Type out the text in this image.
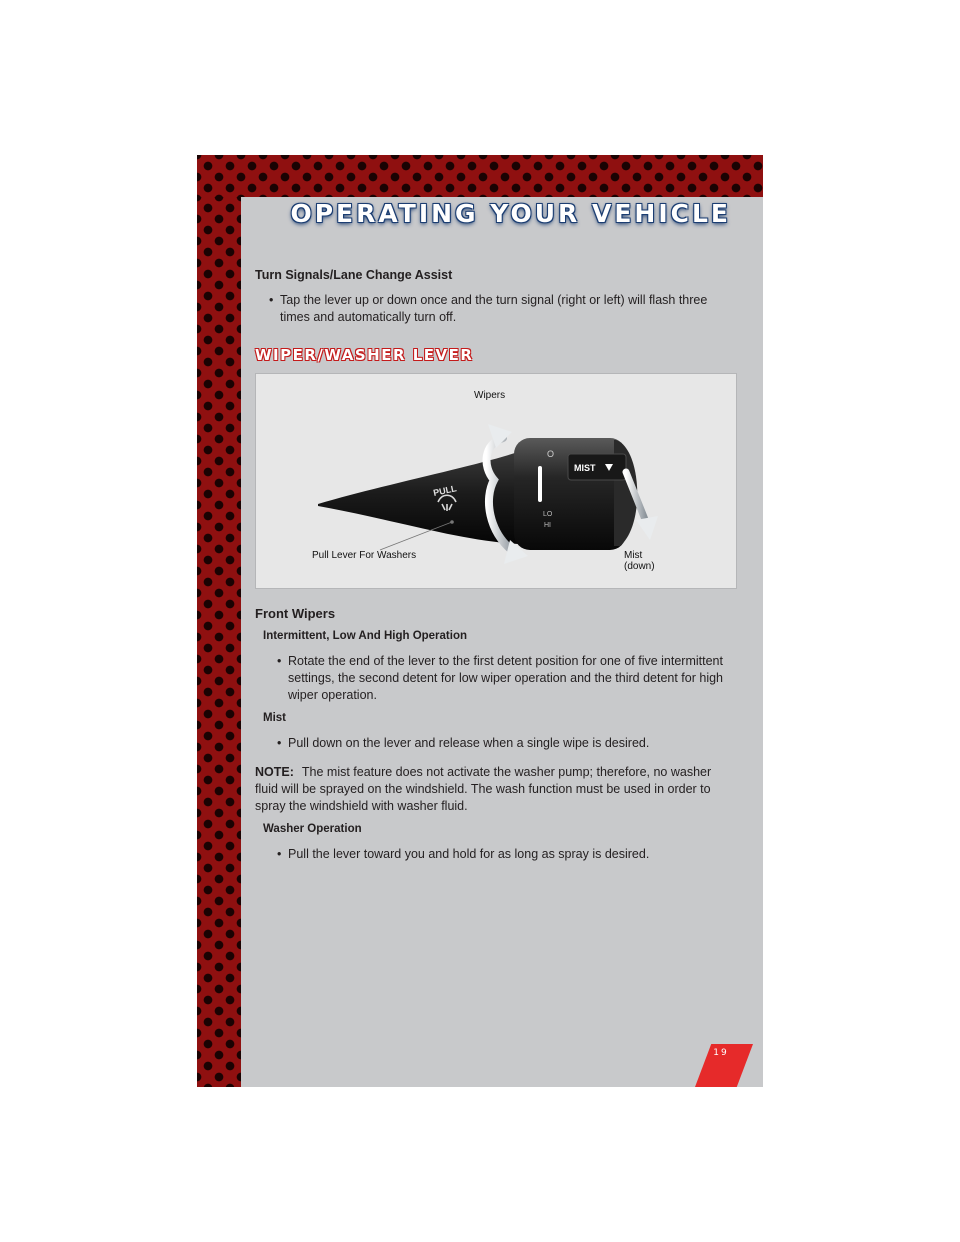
OPERATING YOUR VEHICLE

Turn Signals/Lane Change Assist

• Tap the lever up or down once and the turn signal (right or left) will flash three times and automatically turn off.

WIPER/WASHER LEVER
PULL
MIST
O
LO
HI
Wipers
Pull Lever For Washers	Mist
(down)

Front Wipers

Intermittent, Low And High Operation

• Rotate the end of the lever to the first detent position for one of five intermittent settings, the second detent for low wiper operation and the third detent for high wiper operation.

Mist

• Pull down on the lever and release when a single wipe is desired.

NOTE: The mist feature does not activate the washer pump; therefore, no washer fluid will be sprayed on the windshield. The wash function must be used in order to spray the windshield with washer fluid.

Washer Operation

• Pull the lever toward you and hold for as long as spray is desired.

19
